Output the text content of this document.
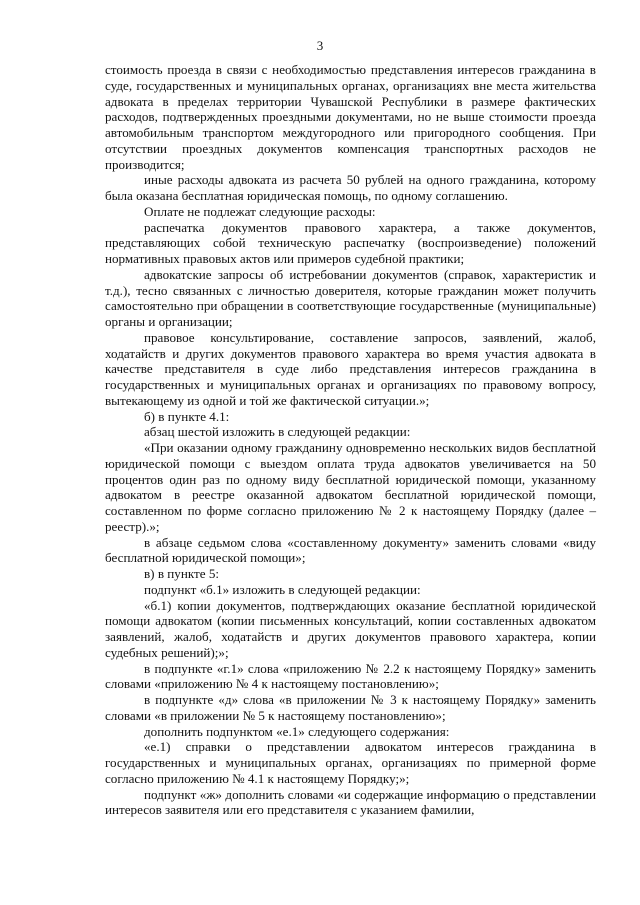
3

стоимость проезда в связи с необходимостью представления интересов гражданина в суде, государственных и муниципальных органах, организациях вне места жительства адвоката в пределах территории Чувашской Республики в размере фактических расходов, подтвержденных проездными документами, но не выше стоимости проезда автомобильным транспортом междугородного или пригородного сообщения. При отсутствии проездных документов компенсация транспортных расходов не производится;

иные расходы адвоката из расчета 50 рублей на одного гражданина, которому была оказана бесплатная юридическая помощь, по одному соглашению.

Оплате не подлежат следующие расходы:

распечатка документов правового характера, а также документов, представляющих собой техническую распечатку (воспроизведение) положений нормативных правовых актов или примеров судебной практики;

адвокатские запросы об истребовании документов (справок, характеристик и т.д.), тесно связанных с личностью доверителя, которые гражданин может получить самостоятельно при обращении в соответствующие государственные (муниципальные) органы и организации;

правовое консультирование, составление запросов, заявлений, жалоб, ходатайств и других документов правового характера во время участия адвоката в качестве представителя в суде либо представления интересов гражданина в государственных и муниципальных органах и организациях по правовому вопросу, вытекающему из одной и той же фактической ситуации.»;

б) в пункте 4.1:

абзац шестой изложить в следующей редакции:

«При оказании одному гражданину одновременно нескольких видов бесплатной юридической помощи с выездом оплата труда адвокатов увеличивается на 50 процентов один раз по одному виду бесплатной юридической помощи, указанному адвокатом в реестре оказанной адвокатом бесплатной юридической помощи, составленном по форме согласно приложению № 2 к настоящему Порядку (далее – реестр).»;

в абзаце седьмом слова «составленному документу» заменить словами «виду бесплатной юридической помощи»;

в) в пункте 5:

подпункт «б.1» изложить в следующей редакции:

«б.1) копии документов, подтверждающих оказание бесплатной юридической помощи адвокатом (копии письменных консультаций, копии составленных адвокатом заявлений, жалоб, ходатайств и других документов правового характера, копии судебных решений);»;

в подпункте «г.1» слова «приложению № 2.2 к настоящему Порядку» заменить словами «приложению № 4 к настоящему постановлению»;

в подпункте «д» слова «в приложении № 3 к настоящему Порядку» заменить словами «в приложении № 5 к настоящему постановлению»;

дополнить подпунктом «е.1» следующего содержания:

«е.1) справки о представлении адвокатом интересов гражданина в государственных и муниципальных органах, организациях по примерной форме согласно приложению № 4.1 к настоящему Порядку;»;

подпункт «ж» дополнить словами «и содержащие информацию о представлении интересов заявителя или его представителя с указанием фамилии,
